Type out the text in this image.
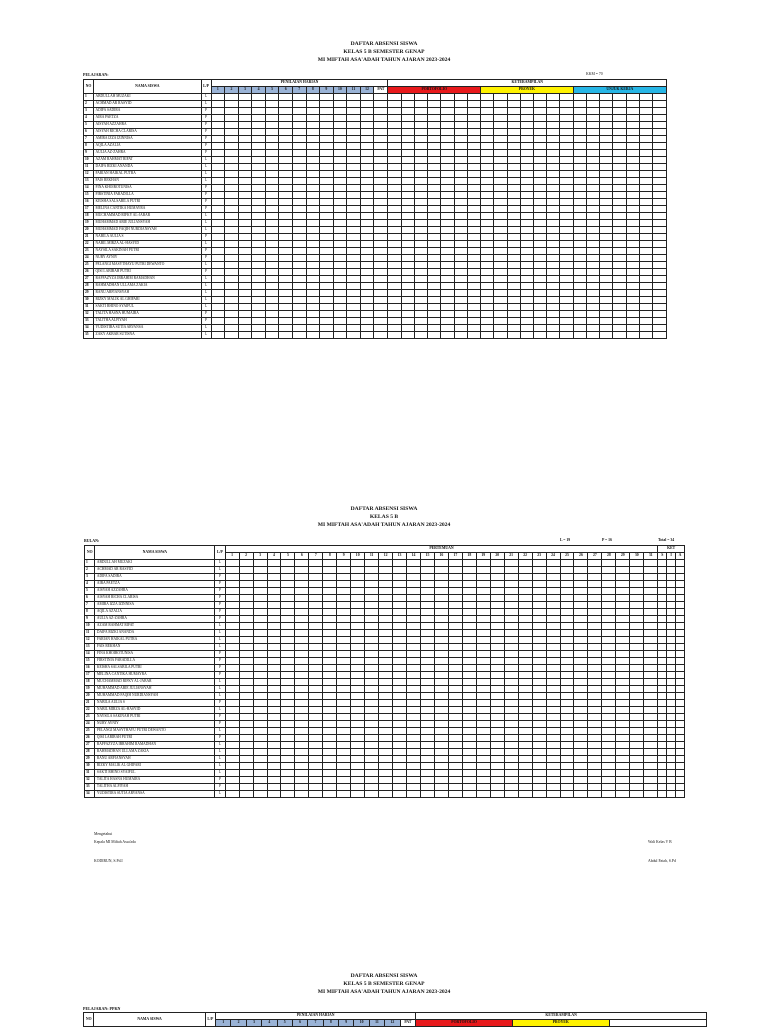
DAFTAR ABSENSI SISWA
KELAS 5 B SEMESTER GENAP
MI MIFTAH ASA'ADAH TAHUN AJARAN 2023-2024
PELAJARAN:	KKM = 70
NO	NAMA SISWA	L/P	PENILAIAN HARIAN													KETERAMPILAN																				
			1	2	3	4	5	6	7	8	9	10	11	12	PAT	PORTOFOLIO							PROYEK							UNJUK KERJA						
1	ABDULLAH MUZAKI	L																																		
2	ACHMAD AR RASYID	L																																		
3	ADIFA SADIRA	P																																		
4	AIRA PAETZA	P																																		
5	AISYAH AZZAHRA	P																																		
6	AISYAH RICHA CLARISA	P																																		
7	AMIRA IZZA IZINNISA	P																																		
8	AQILA AZALIA	P																																		
9	AULIA AZ-ZAHRA	P																																		
10	AZAM RAHMAT RIFAT	L																																		
11	DAIFA RIZKI ANANDA	L																																		
12	FARIAN HAIKAL PUTRA	L																																		
13	FAIS REKHAN	L																																		
14	FINA KHOIROTUNISA	P																																		
15	FIRSTINIA FARADILLA	P																																		
16	KEISHA SALSABILA PUTRI	P																																		
17	MELINA CANTIKA HUMAYRA	P																																		
18	MUCHAMMAD RIFKY AL-JABAR	L																																		
19	MUHAMMAD ABIE JULIANSYAH	L																																		
20	MUHAMMAD FAQIH NURDIANSYAH	L																																		
21	NABILA AULIA S	P																																		
22	NABIL MIRZA AL-HASYID	L																																		
23	NAYSILA SAKINAH PUTRI	P																																		
24	NURY AYNIY	P																																		
25	PELANGI MASYTHAYU PUTRI DEWANTO	L																																		
26	QISI LABIBAH PUTRI	P																																		
27	RAFFAZYZA IBRAHIM RAMADHAN	L																																		
28	RAHMADHAN ULLAMA ZAKIA	L																																		
29	RANU ARFIANSYAH	L																																		
30	RIZKY MALIK AL GHIFARI	L																																		
31	SAKTI RHINO SYAIFUL	L																																		
32	TALITA HASNA HUMAIRA	P																																		
33	TALITHA ALFIYAH	P																																		
34	YUDISTIRA SUTIA ARVANSA	L																																		
35	ZAKY AKBAR SUTISNA	L																																		
DAFTAR ABSENSI SISWA
KELAS 5 B
MI MIFTAH ASA'ADAH TAHUN AJARAN 2023-2024
BULAN:	L = 19	P = 16	Total = 34
NO	NAMA SISWA	L/P	PERTEMUAN																															KET		
			1	2	3	4	5	6	7	8	9	10	11	12	13	14	15	16	17	18	19	20	21	22	23	24	25	26	27	28	29	30	31	S	I	A
1	ABDULLAH MUZAKI	L																																		
2	ACHMAD AR RASYID	L																																		
3	ADIFA SADIRA	P																																		
4	AIRA PAETZA	P																																		
5	AISYAH AZZAHRA	P																																		
6	AISYAH RICHA CLARISA	P																																		
7	AMIRA IZZA IZINNISA	P																																		
8	AQILA AZALIA	P																																		
9	AULIA AZ-ZAHRA	P																																		
10	AZAM RAHMAT RIFAT	L																																		
11	DAIFA RIZKI ANANDA	L																																		
12	FARIAN HAIKAL PUTRA	L																																		
13	FAIS REKHAN	L																																		
14	FINA KHOIROTUNISA	P																																		
15	FIRSTINIA FARADILLA	P																																		
16	KEISHA SALSABILA PUTRI	P																																		
17	MELINA CANTIKA HUMAYRA	P																																		
18	MUCHAMMAD RIFKY AL-JABAR	L																																		
19	MUHAMMAD ABIE JULIANSYAH	L																																		
20	MUHAMMAD FAQIH NURDIANSYAH	L																																		
21	NABILA AULIA S	P																																		
22	NABIL MIRZA AL-HASYID	L																																		
23	NAYSILA SAKINAH PUTRI	P																																		
24	NURY AYNIY	P																																		
25	PELANGI MASYTHAYU PUTRI DEWANTO	L																																		
26	QISI LABIBAH PUTRI	P																																		
27	RAFFAZYZA IBRAHIM RAMADHAN	L																																		
28	RAHMADHAN ULLAMA ZAKIA	L																																		
29	RANU ARFIANSYAH	L																																		
30	RIZKY MALIK AL GHIFARI	L																																		
31	SAKTI RHINO SYAIFUL	L																																		
32	TALITA HASNA HUMAIRA	P																																		
33	TALITHA ALFIYAH	P																																		
34	YUDISTIRA SUTIA ARVANSA	L																																		
Mengetahui
Kepala MI Miftah Assa'ada
KODIRUN, S.Pd.I
Wali Kelas V B
Abdul Fatah, S.Pd
DAFTAR ABSENSI SISWA
KELAS 5 B SEMESTER GENAP
MI MIFTAH ASA'ADAH TAHUN AJARAN 2023-2024
PELAJARAN: PPKN
NO	NAMA SISWA	L/P	PENILAIAN HARIAN													KETERAMPILAN		
			1	2	3	4	5	6	7	8	9	10	11	12	PAT	PORTOFOLIO	PROYEK	
